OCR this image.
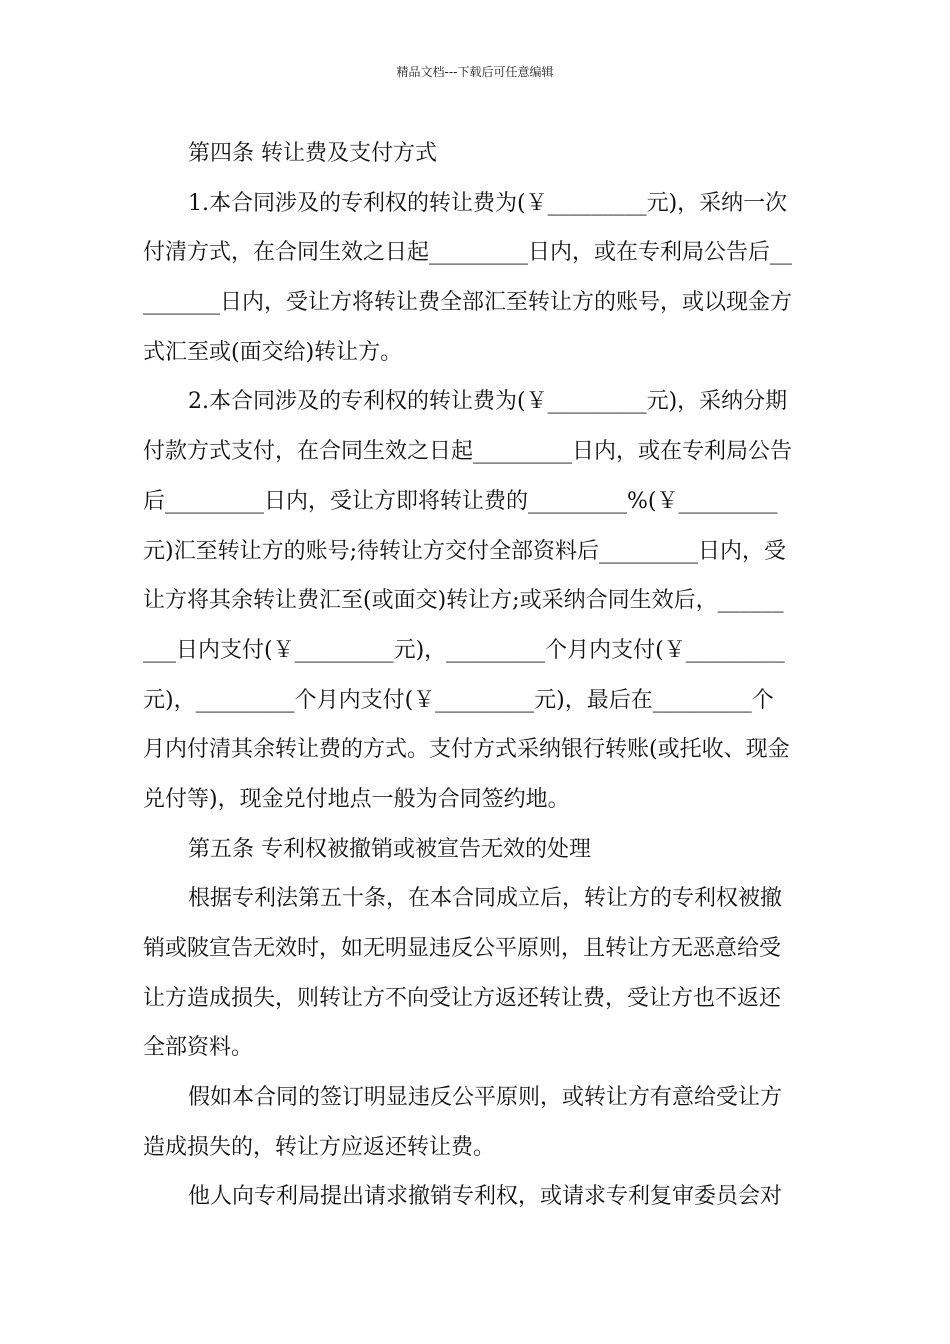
精品文档---下载后可任意编辑
第四条 转让费及支付方式
1.本合同涉及的专利权的转让费为(￥_________元)，采纳一次
付清方式，在合同生效之日起_________日内，或在专利局公告后__
_______日内，受让方将转让费全部汇至转让方的账号，或以现金方
式汇至或(面交给)转让方。
2.本合同涉及的专利权的转让费为(￥_________元)，采纳分期
付款方式支付，在合同生效之日起_________日内，或在专利局公告
后_________日内，受让方即将转让费的_________%(￥_________
元)汇至转让方的账号;待转让方交付全部资料后_________日内，受
让方将其余转让费汇至(或面交)转让方;或采纳合同生效后，______
___日内支付(￥_________元)，_________个月内支付(￥_________
元)，_________个月内支付(￥_________元)，最后在_________个
月内付清其余转让费的方式。支付方式采纳银行转账(或托收、现金
兑付等)，现金兑付地点一般为合同签约地。
第五条 专利权被撤销或被宣告无效的处理
根据专利法第五十条，在本合同成立后，转让方的专利权被撤
销或陂宣告无效时，如无明显违反公平原则，且转让方无恶意给受
让方造成损失，则转让方不向受让方返还转让费，受让方也不返还
全部资料。
假如本合同的签订明显违反公平原则，或转让方有意给受让方
造成损失的，转让方应返还转让费。
他人向专利局提出请求撤销专利权，或请求专利复审委员会对
